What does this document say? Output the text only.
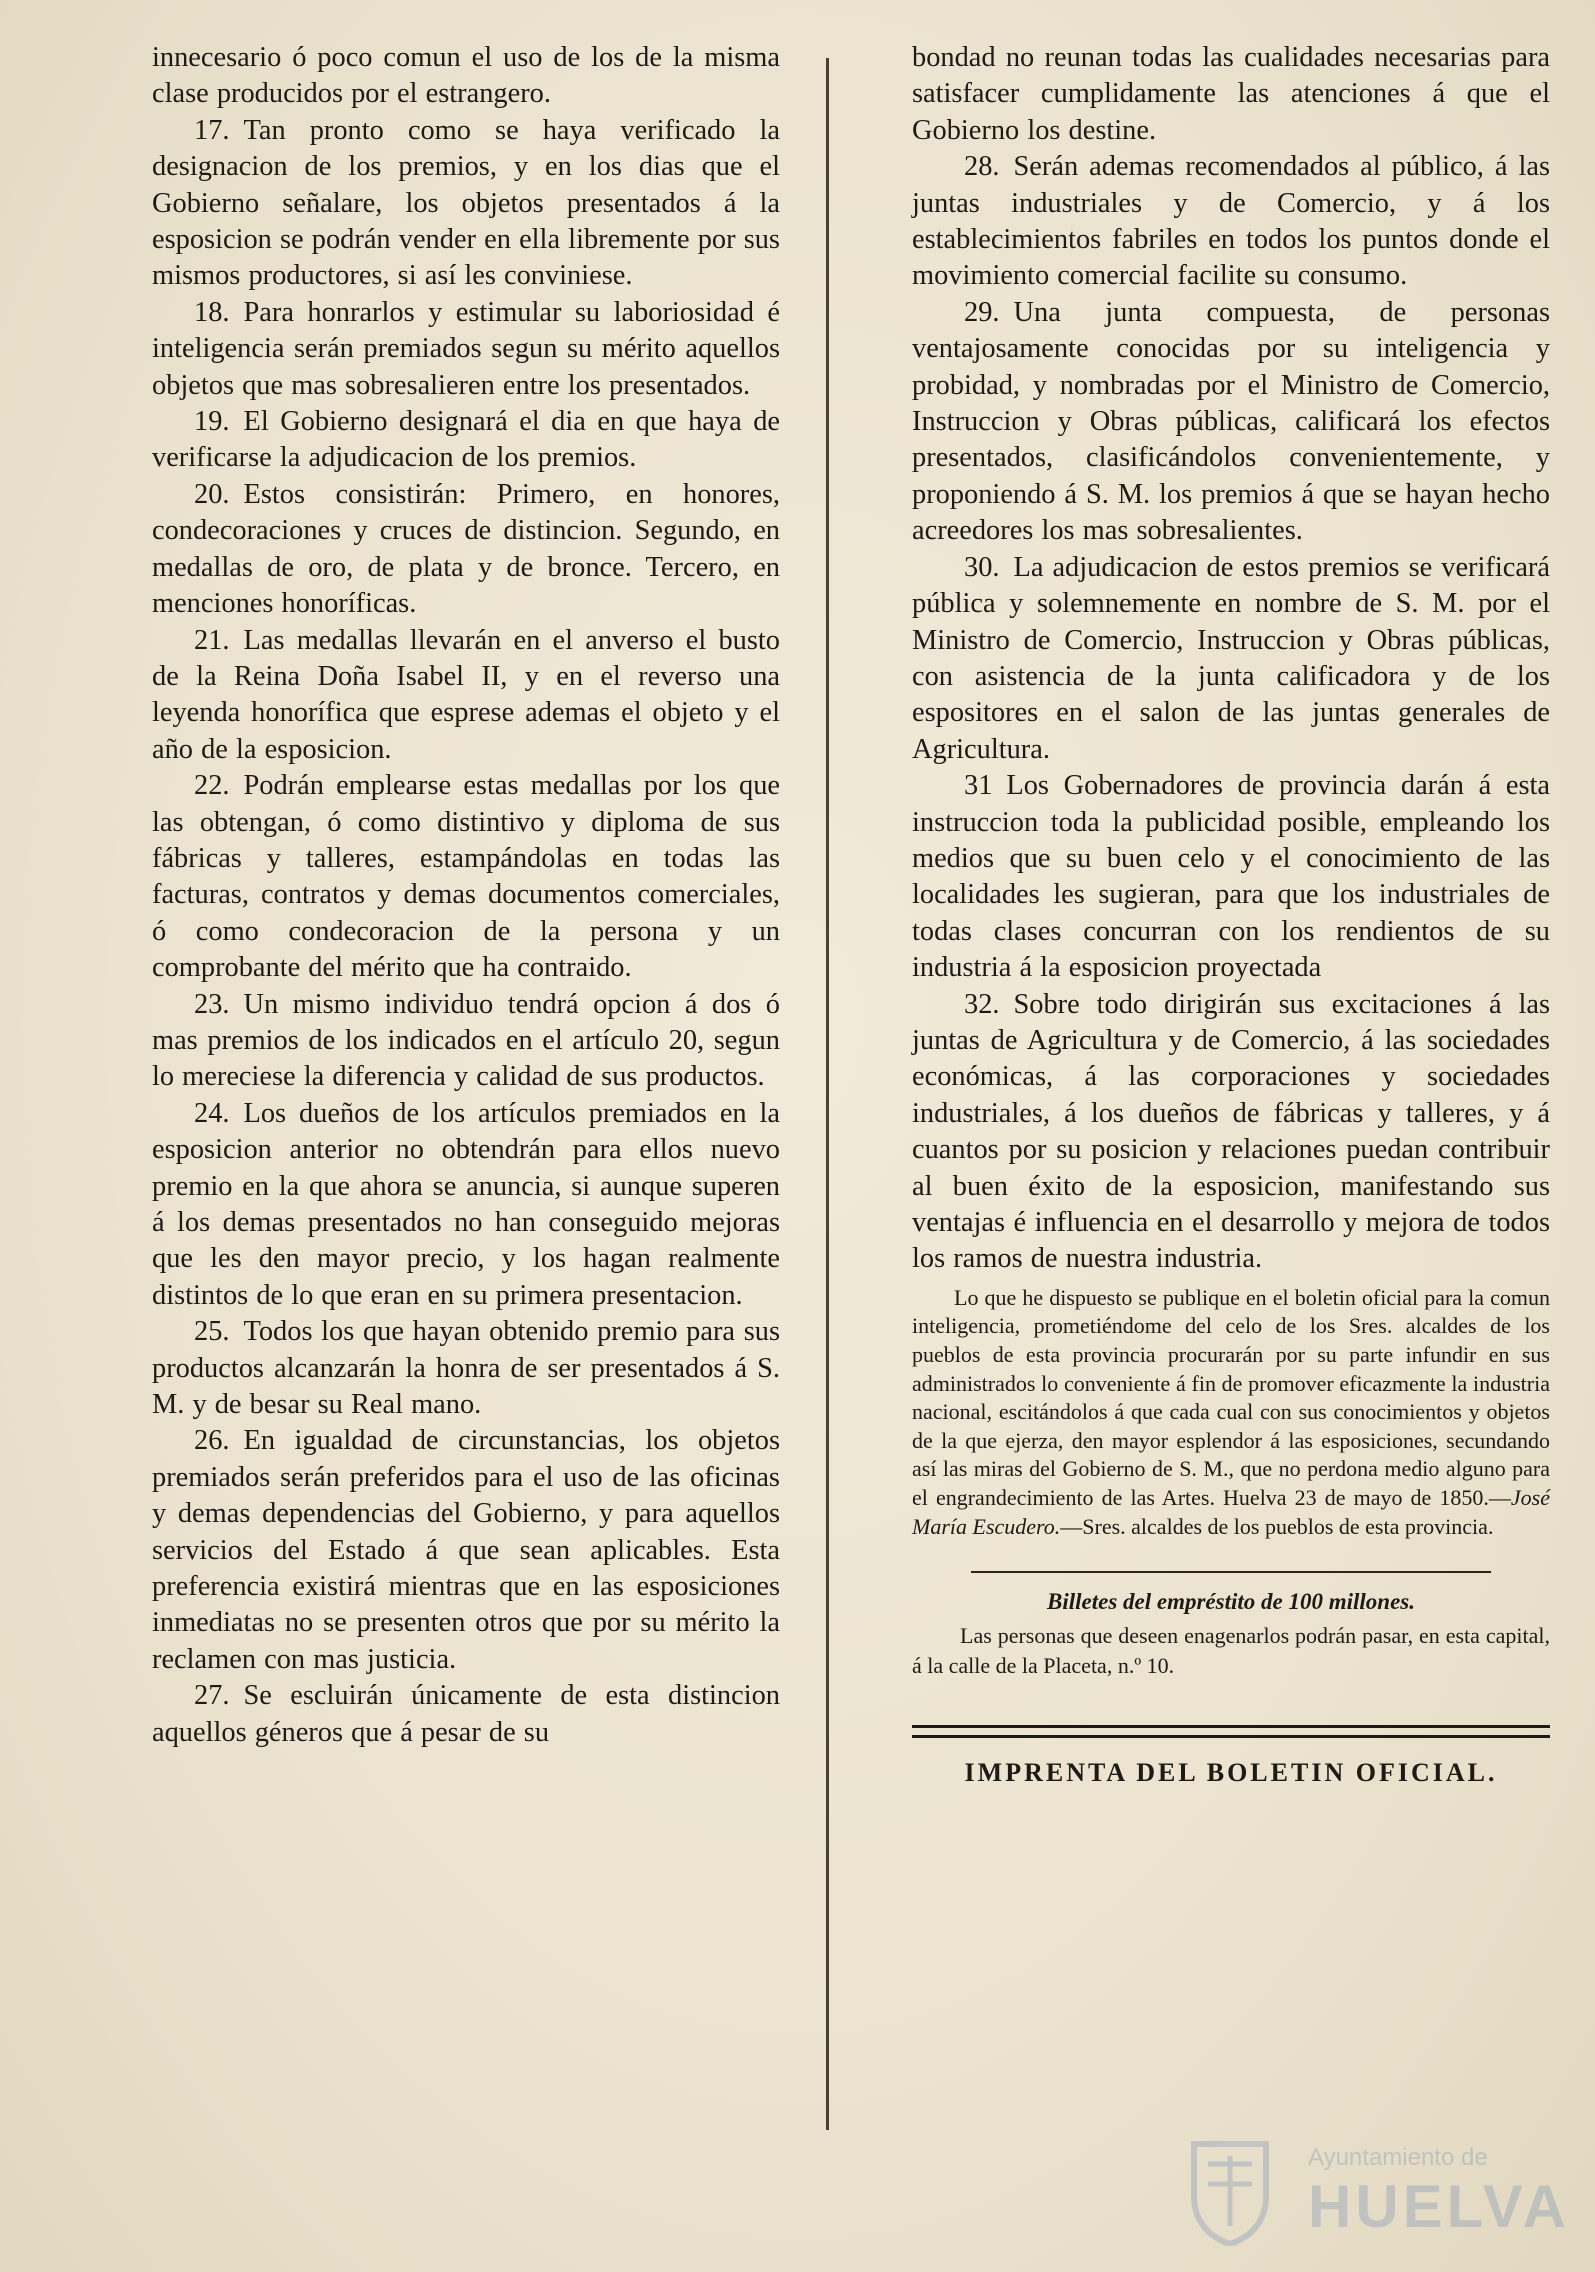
innecesario ó poco comun el uso de los de la misma clase producidos por el estrangero.

17. Tan pronto como se haya verificado la designacion de los premios, y en los dias que el Gobierno señalare, los objetos presentados á la esposicion se podrán vender en ella libremente por sus mismos productores, si así les conviniese.

18. Para honrarlos y estimular su laboriosidad é inteligencia serán premiados segun su mérito aquellos objetos que mas sobresalieren entre los presentados.

19. El Gobierno designará el dia en que haya de verificarse la adjudicacion de los premios.

20. Estos consistirán: Primero, en honores, condecoraciones y cruces de distincion. Segundo, en medallas de oro, de plata y de bronce. Tercero, en menciones honoríficas.

21. Las medallas llevarán en el anverso el busto de la Reina Doña Isabel II, y en el reverso una leyenda honorífica que esprese ademas el objeto y el año de la esposicion.

22. Podrán emplearse estas medallas por los que las obtengan, ó como distintivo y diploma de sus fábricas y talleres, estampándolas en todas las facturas, contratos y demas documentos comerciales, ó como condecoracion de la persona y un comprobante del mérito que ha contraido.

23. Un mismo individuo tendrá opcion á dos ó mas premios de los indicados en el artículo 20, segun lo mereciese la diferencia y calidad de sus productos.

24. Los dueños de los artículos premiados en la esposicion anterior no obtendrán para ellos nuevo premio en la que ahora se anuncia, si aunque superen á los demas presentados no han conseguido mejoras que les den mayor precio, y los hagan realmente distintos de lo que eran en su primera presentacion.

25. Todos los que hayan obtenido premio para sus productos alcanzarán la honra de ser presentados á S. M. y de besar su Real mano.

26. En igualdad de circunstancias, los objetos premiados serán preferidos para el uso de las oficinas y demas dependencias del Gobierno, y para aquellos servicios del Estado á que sean aplicables. Esta preferencia existirá mientras que en las esposiciones inmediatas no se presenten otros que por su mérito la reclamen con mas justicia.

27. Se escluirán únicamente de esta distincion aquellos géneros que á pesar de su

bondad no reunan todas las cualidades necesarias para satisfacer cumplidamente las atenciones á que el Gobierno los destine.

28. Serán ademas recomendados al público, á las juntas industriales y de Comercio, y á los establecimientos fabriles en todos los puntos donde el movimiento comercial facilite su consumo.

29. Una junta compuesta, de personas ventajosamente conocidas por su inteligencia y probidad, y nombradas por el Ministro de Comercio, Instruccion y Obras públicas, calificará los efectos presentados, clasificándolos convenientemente, y proponiendo á S. M. los premios á que se hayan hecho acreedores los mas sobresalientes.

30. La adjudicacion de estos premios se verificará pública y solemnemente en nombre de S. M. por el Ministro de Comercio, Instruccion y Obras públicas, con asistencia de la junta calificadora y de los espositores en el salon de las juntas generales de Agricultura.

31 Los Gobernadores de provincia darán á esta instruccion toda la publicidad posible, empleando los medios que su buen celo y el conocimiento de las localidades les sugieran, para que los industriales de todas clases concurran con los rendientos de su industria á la esposicion proyectada

32. Sobre todo dirigirán sus excitaciones á las juntas de Agricultura y de Comercio, á las sociedades económicas, á las corporaciones y sociedades industriales, á los dueños de fábricas y talleres, y á cuantos por su posicion y relaciones puedan contribuir al buen éxito de la esposicion, manifestando sus ventajas é influencia en el desarrollo y mejora de todos los ramos de nuestra industria.

Lo que he dispuesto se publique en el boletin oficial para la comun inteligencia, prometiéndome del celo de los Sres. alcaldes de los pueblos de esta provincia procurarán por su parte infundir en sus administrados lo conveniente á fin de promover eficazmente la industria nacional, escitándolos á que cada cual con sus conocimientos y objetos de la que ejerza, den mayor esplendor á las esposiciones, secundando así las miras del Gobierno de S. M., que no perdona medio alguno para el engrandecimiento de las Artes. Huelva 23 de mayo de 1850.—José María Escudero.—Sres. alcaldes de los pueblos de esta provincia.

Billetes del empréstito de 100 millones.

Las personas que deseen enagenarlos podrán pasar, en esta capital, á la calle de la Placeta, n.º 10.

IMPRENTA DEL BOLETIN OFICIAL.

Ayuntamiento de
HUELVA
